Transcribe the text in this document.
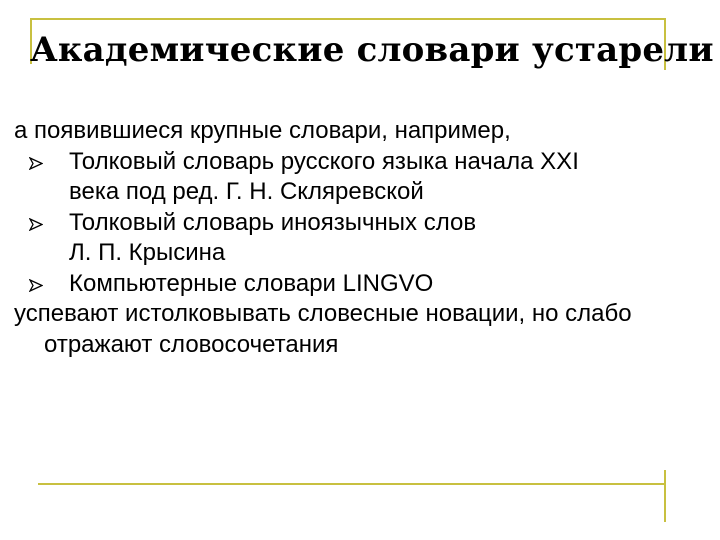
Академические словари устарели

а появившиеся крупные словари, например,

Толковый словарь русского языка начала XXI
века под ред. Г. Н. Скляревской
Толковый словарь иноязычных слов
Л. П. Крысина
Компьютерные словари LINGVO

успевают истолковывать словесные новации, но слабо отражают словосочетания
